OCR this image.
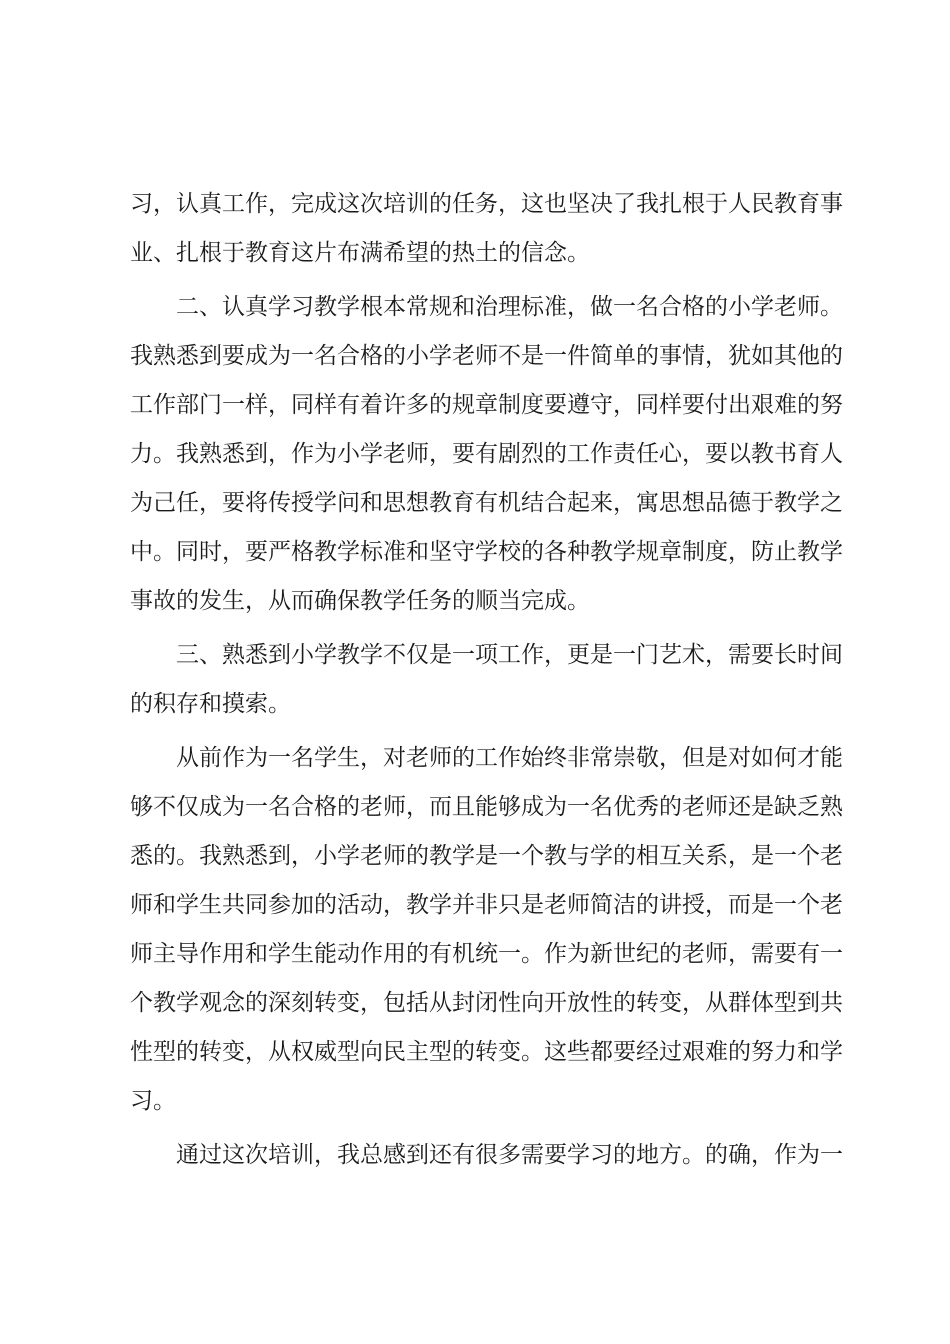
习，认真工作，完成这次培训的任务，这也坚决了我扎根于人民教育事
业、扎根于教育这片布满希望的热土的信念。
二、认真学习教学根本常规和治理标准，做一名合格的小学老师。
我熟悉到要成为一名合格的小学老师不是一件简单的事情，犹如其他的
工作部门一样，同样有着许多的规章制度要遵守，同样要付出艰难的努
力。我熟悉到，作为小学老师，要有剧烈的工作责任心，要以教书育人
为己任，要将传授学问和思想教育有机结合起来，寓思想品德于教学之
中。同时，要严格教学标准和坚守学校的各种教学规章制度，防止教学
事故的发生，从而确保教学任务的顺当完成。
三、熟悉到小学教学不仅是一项工作，更是一门艺术，需要长时间
的积存和摸索。
从前作为一名学生，对老师的工作始终非常崇敬，但是对如何才能
够不仅成为一名合格的老师，而且能够成为一名优秀的老师还是缺乏熟
悉的。我熟悉到，小学老师的教学是一个教与学的相互关系，是一个老
师和学生共同参加的活动，教学并非只是老师简洁的讲授，而是一个老
师主导作用和学生能动作用的有机统一。作为新世纪的老师，需要有一
个教学观念的深刻转变，包括从封闭性向开放性的转变，从群体型到共
性型的转变，从权威型向民主型的转变。这些都要经过艰难的努力和学
习。
通过这次培训，我总感到还有很多需要学习的地方。的确，作为一
